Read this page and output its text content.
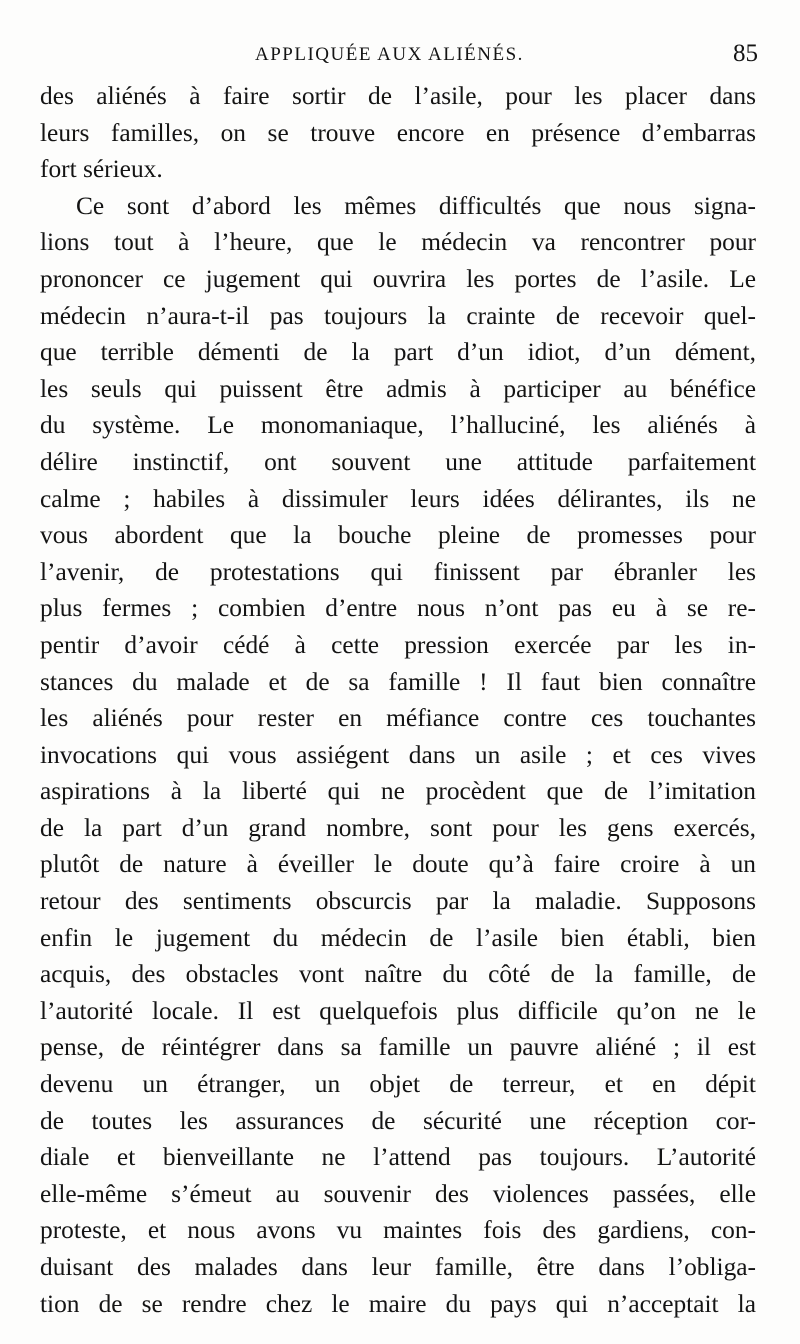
APPLIQUÉE AUX ALIÉNÉS.	85
des aliénés à faire sortir de l’asile, pour les placer dans
leurs familles, on se trouve encore en présence d’embarras
fort sérieux.
Ce sont d’abord les mêmes difficultés que nous signa-
lions tout à l’heure, que le médecin va rencontrer pour
prononcer ce jugement qui ouvrira les portes de l’asile. Le
médecin n’aura-t-il pas toujours la crainte de recevoir quel-
que terrible démenti de la part d’un idiot, d’un dément,
les seuls qui puissent être admis à participer au bénéfice
du système. Le monomaniaque, l’halluciné, les aliénés à
délire instinctif, ont souvent une attitude parfaitement
calme ; habiles à dissimuler leurs idées délirantes, ils ne
vous abordent que la bouche pleine de promesses pour
l’avenir, de protestations qui finissent par ébranler les
plus fermes ; combien d’entre nous n’ont pas eu à se re-
pentir d’avoir cédé à cette pression exercée par les in-
stances du malade et de sa famille ! Il faut bien connaître
les aliénés pour rester en méfiance contre ces touchantes
invocations qui vous assiégent dans un asile ; et ces vives
aspirations à la liberté qui ne procèdent que de l’imitation
de la part d’un grand nombre, sont pour les gens exercés,
plutôt de nature à éveiller le doute qu’à faire croire à un
retour des sentiments obscurcis par la maladie. Supposons
enfin le jugement du médecin de l’asile bien établi, bien
acquis, des obstacles vont naître du côté de la famille, de
l’autorité locale. Il est quelquefois plus difficile qu’on ne le
pense, de réintégrer dans sa famille un pauvre aliéné ; il est
devenu un étranger, un objet de terreur, et en dépit
de toutes les assurances de sécurité une réception cor-
diale et bienveillante ne l’attend pas toujours. L’autorité
elle-même s’émeut au souvenir des violences passées, elle
proteste, et nous avons vu maintes fois des gardiens, con-
duisant des malades dans leur famille, être dans l’obliga-
tion de se rendre chez le maire du pays qui n’acceptait la
